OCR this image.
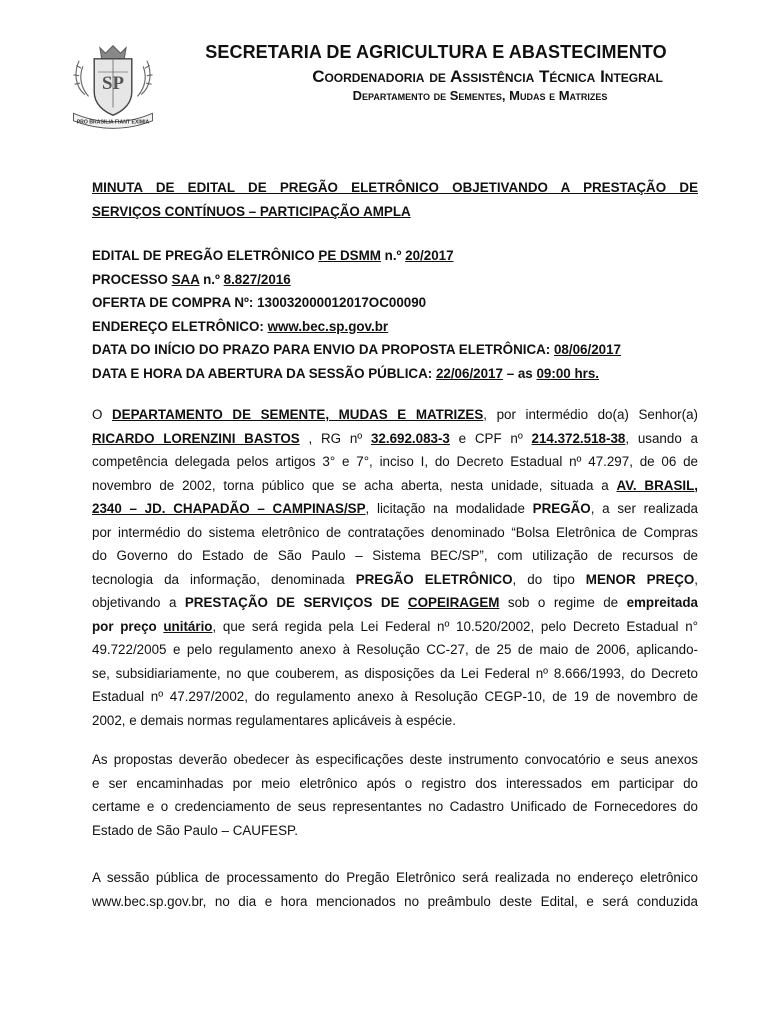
SP
PRO BRASILIA FIANT EXIMIA
SECRETARIA DE AGRICULTURA E ABASTECIMENTO
Coordenadoria de Assistência Técnica Integral
Departamento de Sementes, Mudas e Matrizes
MINUTA DE EDITAL DE PREGÃO ELETRÔNICO OBJETIVANDO A PRESTAÇÃO DE
SERVIÇOS CONTÍNUOS – PARTICIPAÇÃO AMPLA
EDITAL DE PREGÃO ELETRÔNICO PE DSMM n.º 20/2017
PROCESSO SAA n.º 8.827/2016
OFERTA DE COMPRA Nº: 130032000012017OC00090
ENDEREÇO ELETRÔNICO: www.bec.sp.gov.br
DATA DO INÍCIO DO PRAZO PARA ENVIO DA PROPOSTA ELETRÔNICA: 08/06/2017
DATA E HORA DA ABERTURA DA SESSÃO PÚBLICA: 22/06/2017 – as 09:00 hrs.
O DEPARTAMENTO DE SEMENTE, MUDAS E MATRIZES, por intermédio do(a) Senhor(a)
RICARDO LORENZINI BASTOS , RG nº 32.692.083-3 e CPF nº 214.372.518-38, usando a
competência delegada pelos artigos 3° e 7°, inciso I, do Decreto Estadual nº 47.297, de 06 de
novembro de 2002, torna público que se acha aberta, nesta unidade, situada a AV. BRASIL,
2340 – JD. CHAPADÃO – CAMPINAS/SP, licitação na modalidade PREGÃO, a ser realizada
por intermédio do sistema eletrônico de contratações denominado “Bolsa Eletrônica de Compras
do Governo do Estado de São Paulo – Sistema BEC/SP”, com utilização de recursos de
tecnologia da informação, denominada PREGÃO ELETRÔNICO, do tipo MENOR PREÇO,
objetivando a PRESTAÇÃO DE SERVIÇOS DE COPEIRAGEM sob o regime de empreitada
por preço unitário, que será regida pela Lei Federal nº 10.520/2002, pelo Decreto Estadual n°
49.722/2005 e pelo regulamento anexo à Resolução CC-27, de 25 de maio de 2006, aplicando-
se, subsidiariamente, no que couberem, as disposições da Lei Federal nº 8.666/1993, do Decreto
Estadual nº 47.297/2002, do regulamento anexo à Resolução CEGP-10, de 19 de novembro de
2002, e demais normas regulamentares aplicáveis à espécie.
As propostas deverão obedecer às especificações deste instrumento convocatório e seus anexos
e ser encaminhadas por meio eletrônico após o registro dos interessados em participar do
certame e o credenciamento de seus representantes no Cadastro Unificado de Fornecedores do
Estado de São Paulo – CAUFESP.
A sessão pública de processamento do Pregão Eletrônico será realizada no endereço eletrônico
www.bec.sp.gov.br, no dia e hora mencionados no preâmbulo deste Edital, e será conduzida
